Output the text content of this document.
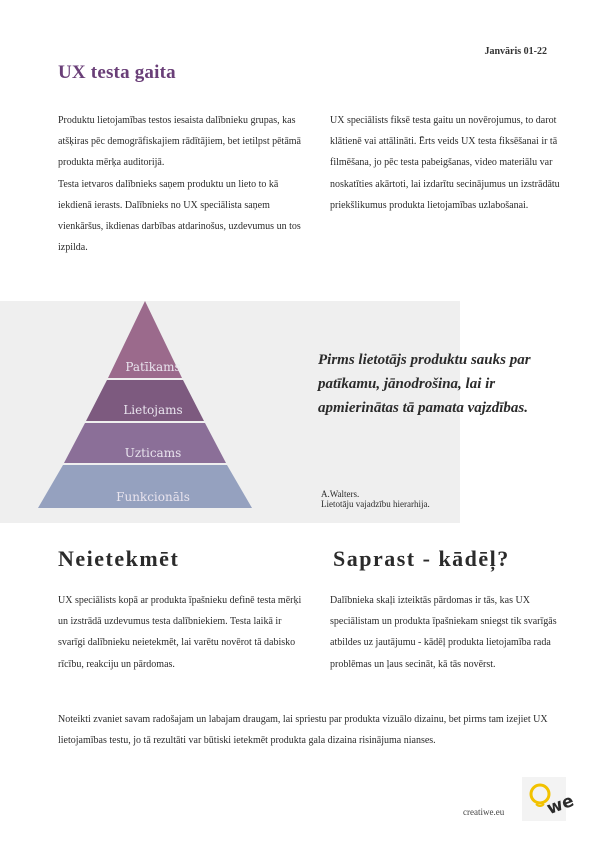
Janvāris 01-22
UX testa gaita
Produktu lietojamības testos iesaista dalībnieku grupas, kas atšķiras pēc demogrāfiskajiem rādītājiem, bet ietilpst pētāmā produkta mērķa auditorijā.
Testa ietvaros dalībnieks saņem produktu un lieto to kā iekdienā ierasts. Dalībnieks no UX speciālista saņem vienkāršus, ikdienas darbības atdarinošus, uzdevumus un tos izpilda.
UX speciālists fiksē testa gaitu un novērojumus, to darot klātienē vai attālināti. Ērts veids UX testa fiksēšanai ir tā filmēšana, jo pēc testa pabeigšanas, video materiālu var noskatīties akārtoti, lai izdarītu secinājumus un izstrādātu priekšlikumus produkta lietojamības uzlabošanai.
Patīkams
Lietojams
Uzticams
Funkcionāls

Pirms lietotājs produktu sauks par patīkamu, jānodrošina, lai ir apmierinātas tā pamata vajzdības.

A.Walters.
Lietotāju vajadzību hierarhija.
Neietekmēt	Saprast - kādēļ?
UX speciālists kopā ar produkta īpašnieku definē testa mērķi un izstrādā uzdevumus testa dalībniekiem. Testa laikā ir svarīgi dalībnieku neietekmēt, lai varētu novērot tā dabisko rīcību, reakciju un pārdomas.
Dalībnieka skaļi izteiktās pārdomas ir tās, kas UX speciālistam un produkta īpašniekam sniegst tik svarīgās atbildes uz jautājumu - kādēļ produkta lietojamība rada problēmas un ļaus secināt, kā tās novērst.
Noteikti zvaniet savam radošajam un labajam draugam, lai spriestu par produkta vizuālo dizainu, bet pirms tam izejiet UX lietojamības testu, jo tā rezultāti var būtiski ietekmēt produkta gala dizaina risinājuma nianses.
creatiwe.eu we
